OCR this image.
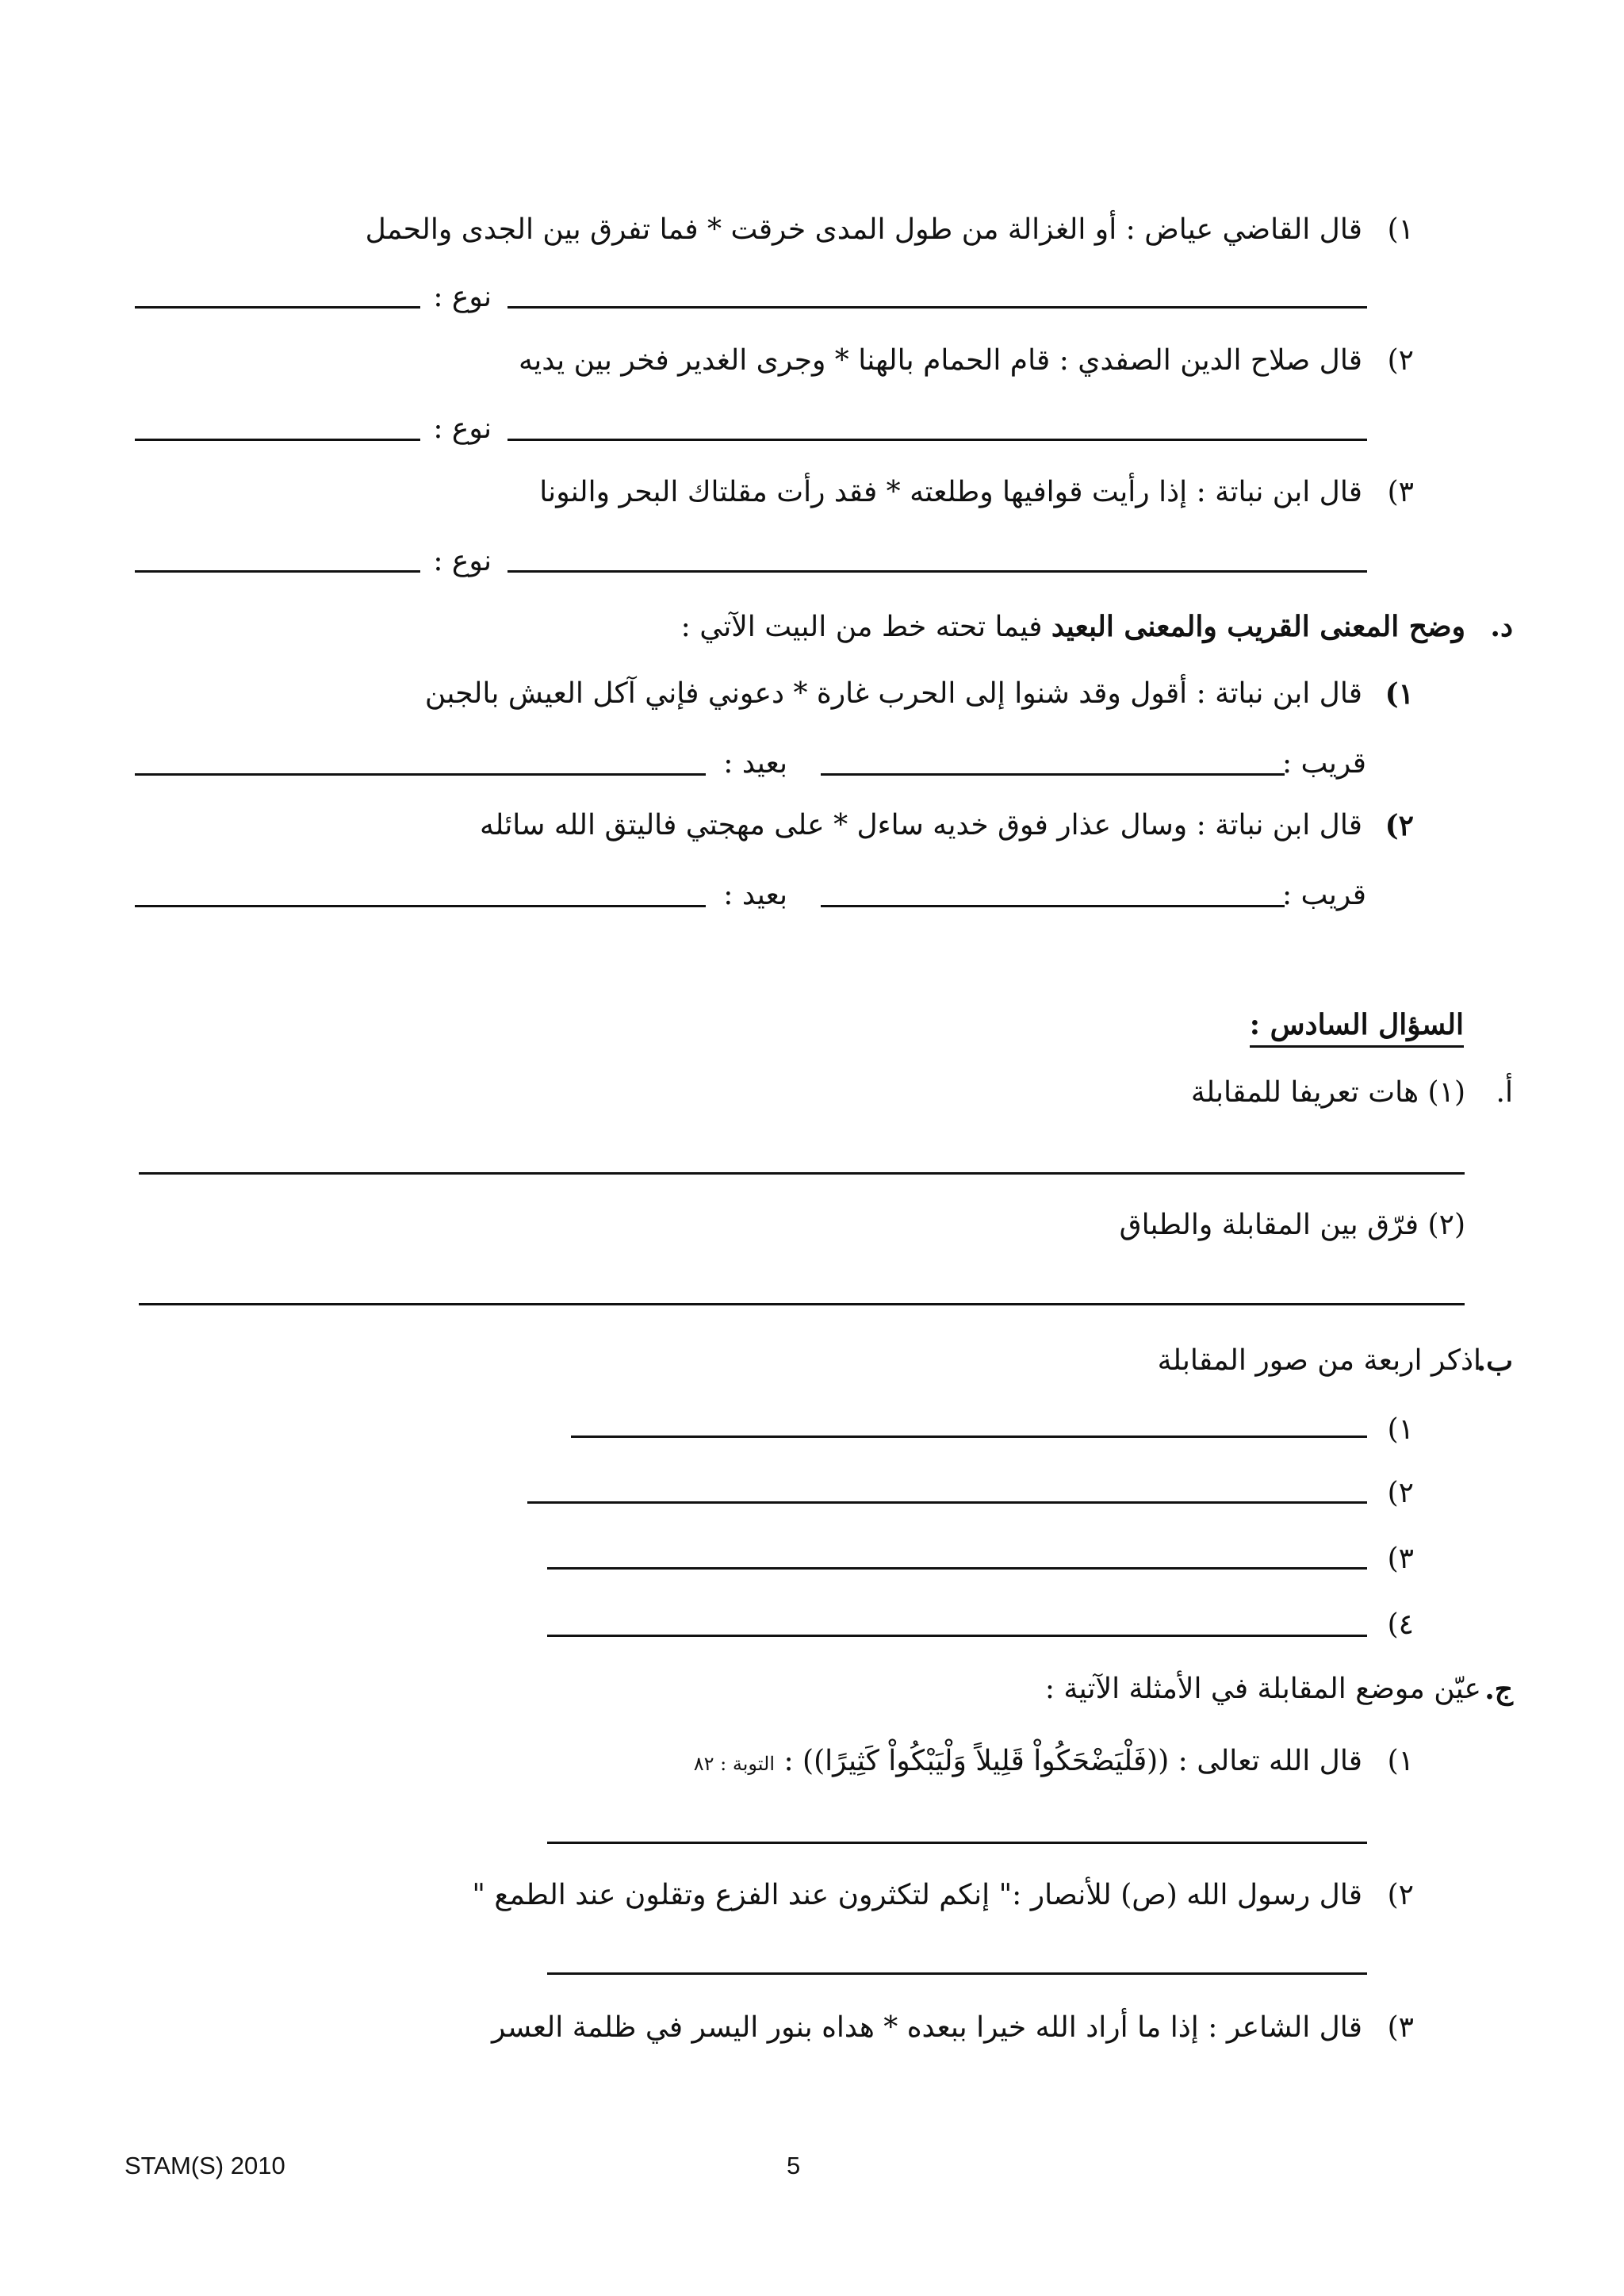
١)
قال القاضي عياض : أو الغزالة من طول المدى خرقت * فما تفرق بين الجدى والحمل
نوع :
٢)
قال صلاح الدين الصفدي : قام الحمام بالهنا * وجرى الغدير فخر بين يديه
نوع :
٣)
قال ابن نباتة : إذا رأيت قوافيها وطلعته * فقد رأت مقلتاك البحر والنونا
نوع :
د.
وضح المعنى القريب والمعنى البعيد فيما تحته خط من البيت الآتي :
١)
قال ابن نباتة : أقول وقد شنوا إلى الحرب غارة * دعوني فإني آكل العيش بالجبن
قريب :
بعيد :
٢)
قال ابن نباتة : وسال عذار فوق خديه ساءل * على مهجتي فاليتق الله سائله
قريب :
بعيد :
السؤال السادس :
أ.
(١) هات تعريفا للمقابلة
(٢) فرّق بين المقابلة والطباق
ب.
اذكر اربعة من صور المقابلة
١)
٢)
٣)
٤)
ج.
عيّن موضع المقابلة في الأمثلة الآتية :
١)
قال الله تعالى : ((فَلْيَضْحَكُواْ قَلِيلاً وَلْيَبْكُواْ كَثِيرًا)) : التوبة : ٨٢
٢)
قال رسول الله (ص) للأنصار :" إنكم لتكثرون عند الفزع وتقلون عند الطمع "
٣)
قال الشاعر : إذا ما أراد الله خيرا ببعده * هداه بنور اليسر في ظلمة العسر
STAM(S) 2010	5
